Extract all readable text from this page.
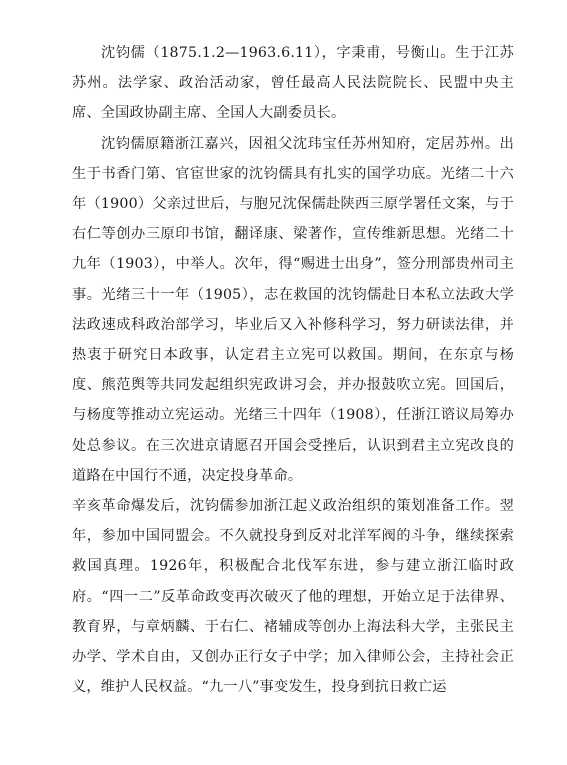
沈钧儒（1875.1.2—1963.6.11），字秉甫，号衡山。生于江苏苏州。法学家、政治活动家，曾任最高人民法院院长、民盟中央主席、全国政协副主席、全国人大副委员长。

沈钧儒原籍浙江嘉兴，因祖父沈玮宝任苏州知府，定居苏州。出生于书香门第、官宦世家的沈钧儒具有扎实的国学功底。光绪二十六年（1900）父亲过世后，与胞兄沈保儒赴陕西三原学署任文案，与于右仁等创办三原印书馆，翻译康、梁著作，宣传维新思想。光绪二十九年（1903），中举人。次年，得“赐进士出身”，签分刑部贵州司主事。光绪三十一年（1905），志在救国的沈钧儒赴日本私立法政大学法政速成科政治部学习，毕业后又入补修科学习，努力研读法律，并热衷于研究日本政事，认定君主立宪可以救国。期间，在东京与杨度、熊范舆等共同发起组织宪政讲习会，并办报鼓吹立宪。回国后，与杨度等推动立宪运动。光绪三十四年（1908），任浙江谘议局筹办处总参议。在三次进京请愿召开国会受挫后，认识到君主立宪改良的道路在中国行不通，决定投身革命。

辛亥革命爆发后，沈钧儒参加浙江起义政治组织的策划准备工作。翌年，参加中国同盟会。不久就投身到反对北洋军阀的斗争，继续探索救国真理。1926年，积极配合北伐军东进，参与建立浙江临时政府。“四一二”反革命政变再次破灭了他的理想，开始立足于法律界、教育界，与章炳麟、于右仁、褚辅成等创办上海法科大学，主张民主办学、学术自由，又创办正行女子中学；加入律师公会，主持社会正义，维护人民权益。“九一八”事变发生，投身到抗日救亡运
